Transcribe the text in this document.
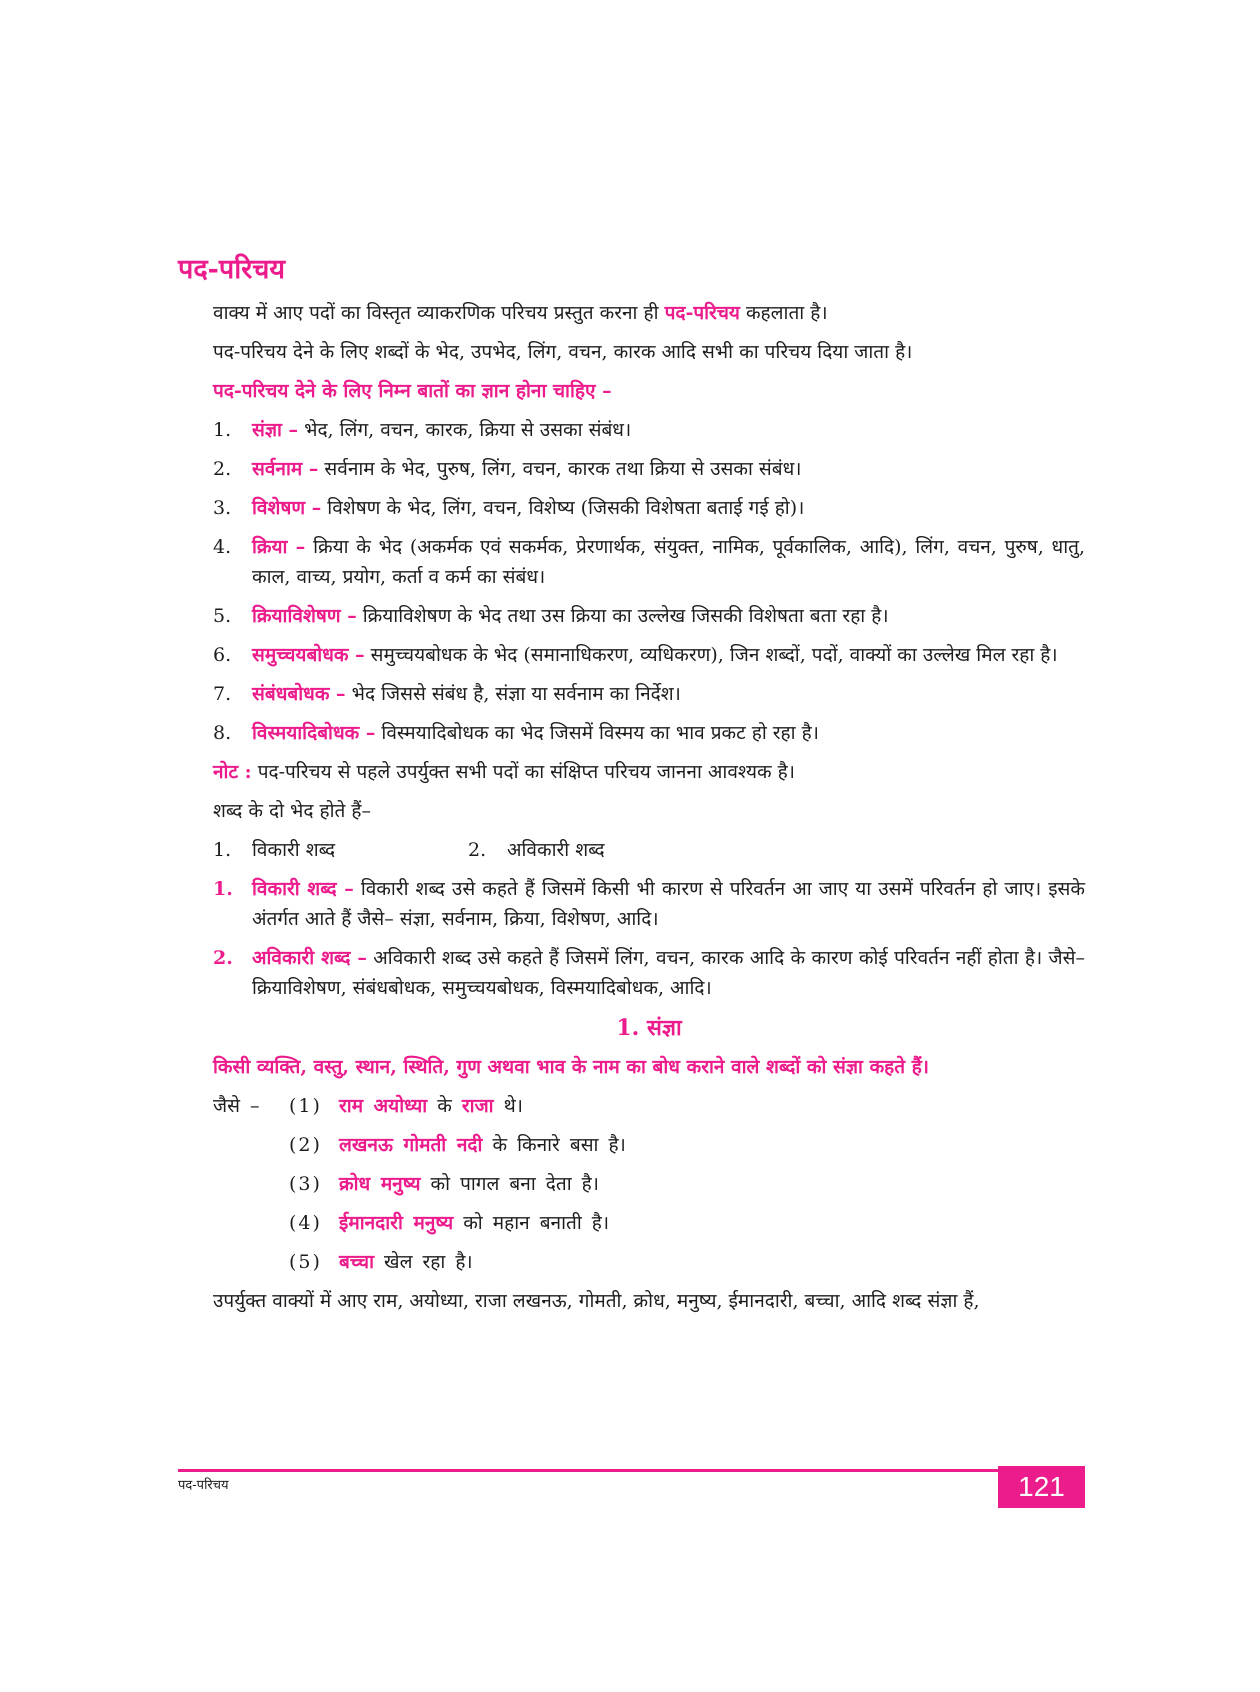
पद-परिचय

वाक्य में आए पदों का विस्तृत व्याकरणिक परिचय प्रस्तुत करना ही पद-परिचय कहलाता है।

पद-परिचय देने के लिए शब्दों के भेद, उपभेद, लिंग, वचन, कारक आदि सभी का परिचय दिया जाता है।

पद-परिचय देने के लिए निम्न बातों का ज्ञान होना चाहिए –

1.	संज्ञा – भेद, लिंग, वचन, कारक, क्रिया से उसका संबंध।
2.	सर्वनाम – सर्वनाम के भेद, पुरुष, लिंग, वचन, कारक तथा क्रिया से उसका संबंध।
3.	विशेषण – विशेषण के भेद, लिंग, वचन, विशेष्य (जिसकी विशेषता बताई गई हो)।
4.	क्रिया – क्रिया के भेद (अकर्मक एवं सकर्मक, प्रेरणार्थक, संयुक्त, नामिक, पूर्वकालिक, आदि), लिंग, वचन, पुरुष, धातु, काल, वाच्य, प्रयोग, कर्ता व कर्म का संबंध।
5.	क्रियाविशेषण – क्रियाविशेषण के भेद तथा उस क्रिया का उल्लेख जिसकी विशेषता बता रहा है।
6.	समुच्चयबोधक – समुच्चयबोधक के भेद (समानाधिकरण, व्यधिकरण), जिन शब्दों, पदों, वाक्यों का उल्लेख मिल रहा है।
7.	संबंधबोधक – भेद जिससे संबंध है, संज्ञा या सर्वनाम का निर्देश।
8.	विस्मयादिबोधक – विस्मयादिबोधक का भेद जिसमें विस्मय का भाव प्रकट हो रहा है।

नोट : पद-परिचय से पहले उपर्युक्त सभी पदों का संक्षिप्त परिचय जानना आवश्यक है।

शब्द के दो भेद होते हैं–

1.	विकारी शब्द	2.	अविकारी शब्द
1.	विकारी शब्द – विकारी शब्द उसे कहते हैं जिसमें किसी भी कारण से परिवर्तन आ जाए या उसमें परिवर्तन हो जाए। इसके अंतर्गत आते हैं जैसे– संज्ञा, सर्वनाम, क्रिया, विशेषण, आदि।
2.	अविकारी शब्द – अविकारी शब्द उसे कहते हैं जिसमें लिंग, वचन, कारक आदि के कारण कोई परिवर्तन नहीं होता है। जैसे– क्रियाविशेषण, संबंधबोधक, समुच्चयबोधक, विस्मयादिबोधक, आदि।
1. संज्ञा

किसी व्यक्ति, वस्तु, स्थान, स्थिति, गुण अथवा भाव के नाम का बोध कराने वाले शब्दों को संज्ञा कहते हैं।

जैसे –	(1) राम अयोध्या के राजा थे।
(2) लखनऊ गोमती नदी के किनारे बसा है।
(3) क्रोध मनुष्य को पागल बना देता है।
(4) ईमानदारी मनुष्य को महान बनाती है।
(5) बच्चा खेल रहा है।

उपर्युक्त वाक्यों में आए राम, अयोध्या, राजा लखनऊ, गोमती, क्रोध, मनुष्य, ईमानदारी, बच्चा, आदि शब्द संज्ञा हैं,

पद-परिचय	121
